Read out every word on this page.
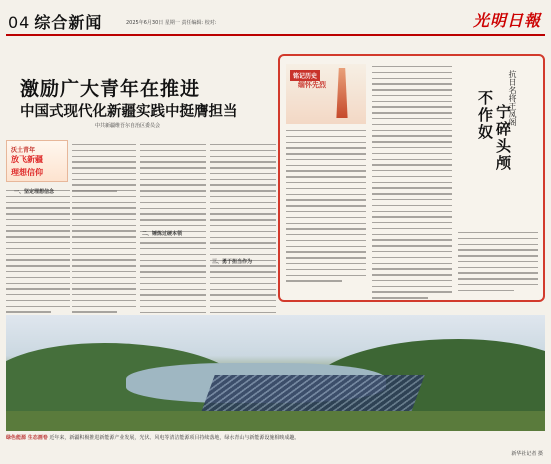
04 综合新闻	2025年6月30日 星期一 责任编辑: 校对:	光明日報
激励广大青年在推进
中国式现代化新疆实践中挺膺担当
中共新疆维吾尔自治区委员会
沃土青年
放飞新疆
理想信仰
一、坚定理想信念
二、锤炼过硬本领
三、勇于担当作为
铭记历史
缅怀先烈	抗日名将王凤阁
宁碎头颅
不作奴
绿色能源 生态画卷 近年来，新疆积极推进新能源产业发展，光伏、风电等清洁能源项目持续落地，绿水青山与新能源设施相映成趣。
新华社记者 摄
